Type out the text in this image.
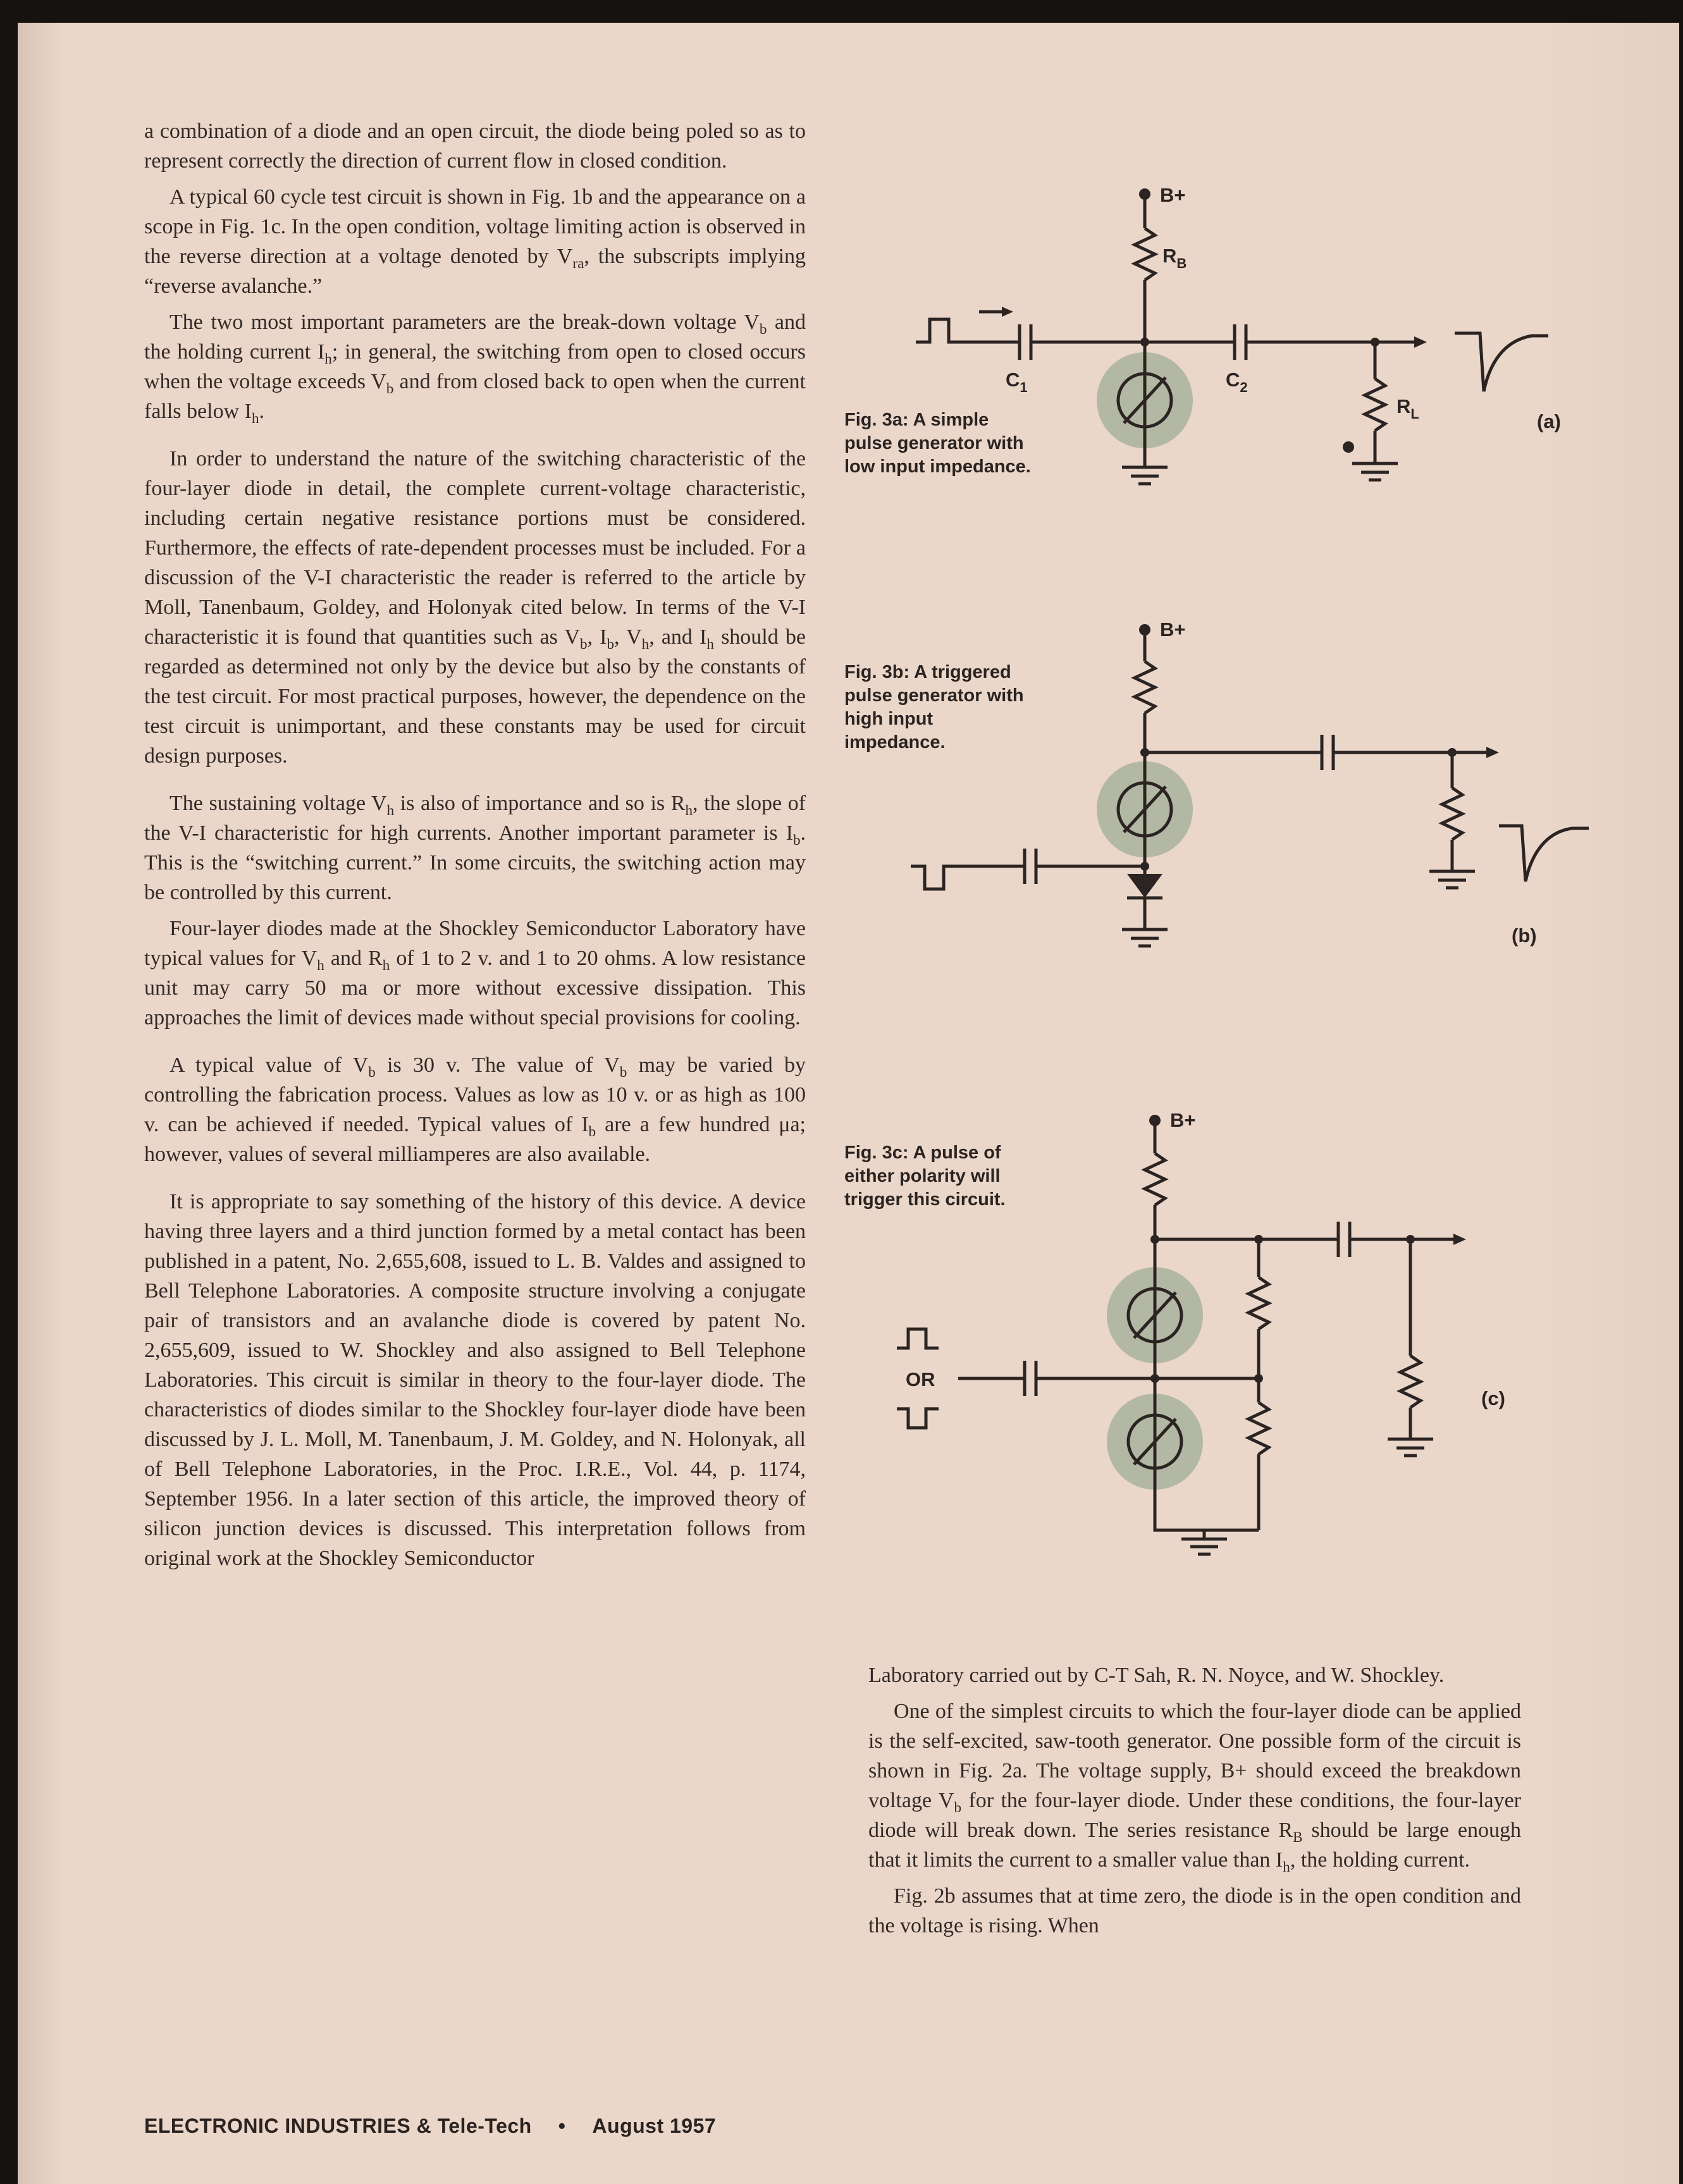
a combination of a diode and an open circuit, the diode being poled so as to represent correctly the direction of current flow in closed condition.

A typical 60 cycle test circuit is shown in Fig. 1b and the appearance on a scope in Fig. 1c. In the open condition, voltage limiting action is observed in the reverse direction at a voltage denoted by $V_{ra}$, the subscripts implying “reverse avalanche.”

The two most important parameters are the break-down voltage $V_b$ and the holding current $I_h$; in general, the switching from open to closed occurs when the voltage exceeds $V_b$ and from closed back to open when the current falls below $I_h$.

In order to understand the nature of the switching characteristic of the four-layer diode in detail, the complete current-voltage characteristic, including certain negative resistance portions must be considered. Furthermore, the effects of rate-dependent processes must be included. For a discussion of the V-I characteristic the reader is referred to the article by Moll, Tanenbaum, Goldey, and Holonyak cited below. In terms of the V-I characteristic it is found that quantities such as $V_b$, $I_b$, $V_h$, and $I_h$ should be regarded as determined not only by the device but also by the constants of the test circuit. For most practical purposes, however, the dependence on the test circuit is unimportant, and these constants may be used for circuit design purposes.

The sustaining voltage $V_h$ is also of importance and so is $R_h$, the slope of the V-I characteristic for high currents. Another important parameter is $I_b$. This is the “switching current.” In some circuits, the switching action may be controlled by this current.

Four-layer diodes made at the Shockley Semiconductor Laboratory have typical values for $V_h$ and $R_h$ of 1 to 2 v. and 1 to 20 ohms. A low resistance unit may carry 50 ma or more without excessive dissipation. This approaches the limit of devices made without special provisions for cooling.

A typical value of $V_b$ is 30 v. The value of $V_b$ may be varied by controlling the fabrication process. Values as low as 10 v. or as high as 100 v. can be achieved if needed. Typical values of $I_b$ are a few hundred μa; however, values of several milliamperes are also available.

It is appropriate to say something of the history of this device. A device having three layers and a third junction formed by a metal contact has been published in a patent, No. 2,655,608, issued to L. B. Valdes and assigned to Bell Telephone Laboratories. A composite structure involving a conjugate pair of transistors and an avalanche diode is covered by patent No. 2,655,609, issued to W. Shockley and also assigned to Bell Telephone Laboratories. This circuit is similar in theory to the four-layer diode. The characteristics of diodes similar to the Shockley four-layer diode have been discussed by J. L. Moll, M. Tanenbaum, J. M. Goldey, and N. Holonyak, all of Bell Telephone Laboratories, in the Proc. I.R.E., Vol. 44, p. 1174, September 1956. In a later section of this article, the improved theory of silicon junction devices is discussed. This interpretation follows from original work at the Shockley Semiconductor

B+
$R_B$
$C_1$	$C_2$
$R_L$	(a)
Fig. 3a: A simple pulse generator with low input impedance.
B+
(b)
Fig. 3b: A triggered pulse generator with high input impedance.
B+
OR
(c)
Fig. 3c: A pulse of either polarity will trigger this circuit.

Laboratory carried out by C-T Sah, R. N. Noyce, and W. Shockley.

One of the simplest circuits to which the four-layer diode can be applied is the self-excited, saw-tooth generator. One possible form of the circuit is shown in Fig. 2a. The voltage supply, B+ should exceed the breakdown voltage $V_b$ for the four-layer diode. Under these conditions, the four-layer diode will break down. The series resistance $R_B$ should be large enough that it limits the current to a smaller value than $I_h$, the holding current.

Fig. 2b assumes that at time zero, the diode is in the open condition and the voltage is rising. When

ELECTRONIC INDUSTRIES & Tele-Tech • August 1957
